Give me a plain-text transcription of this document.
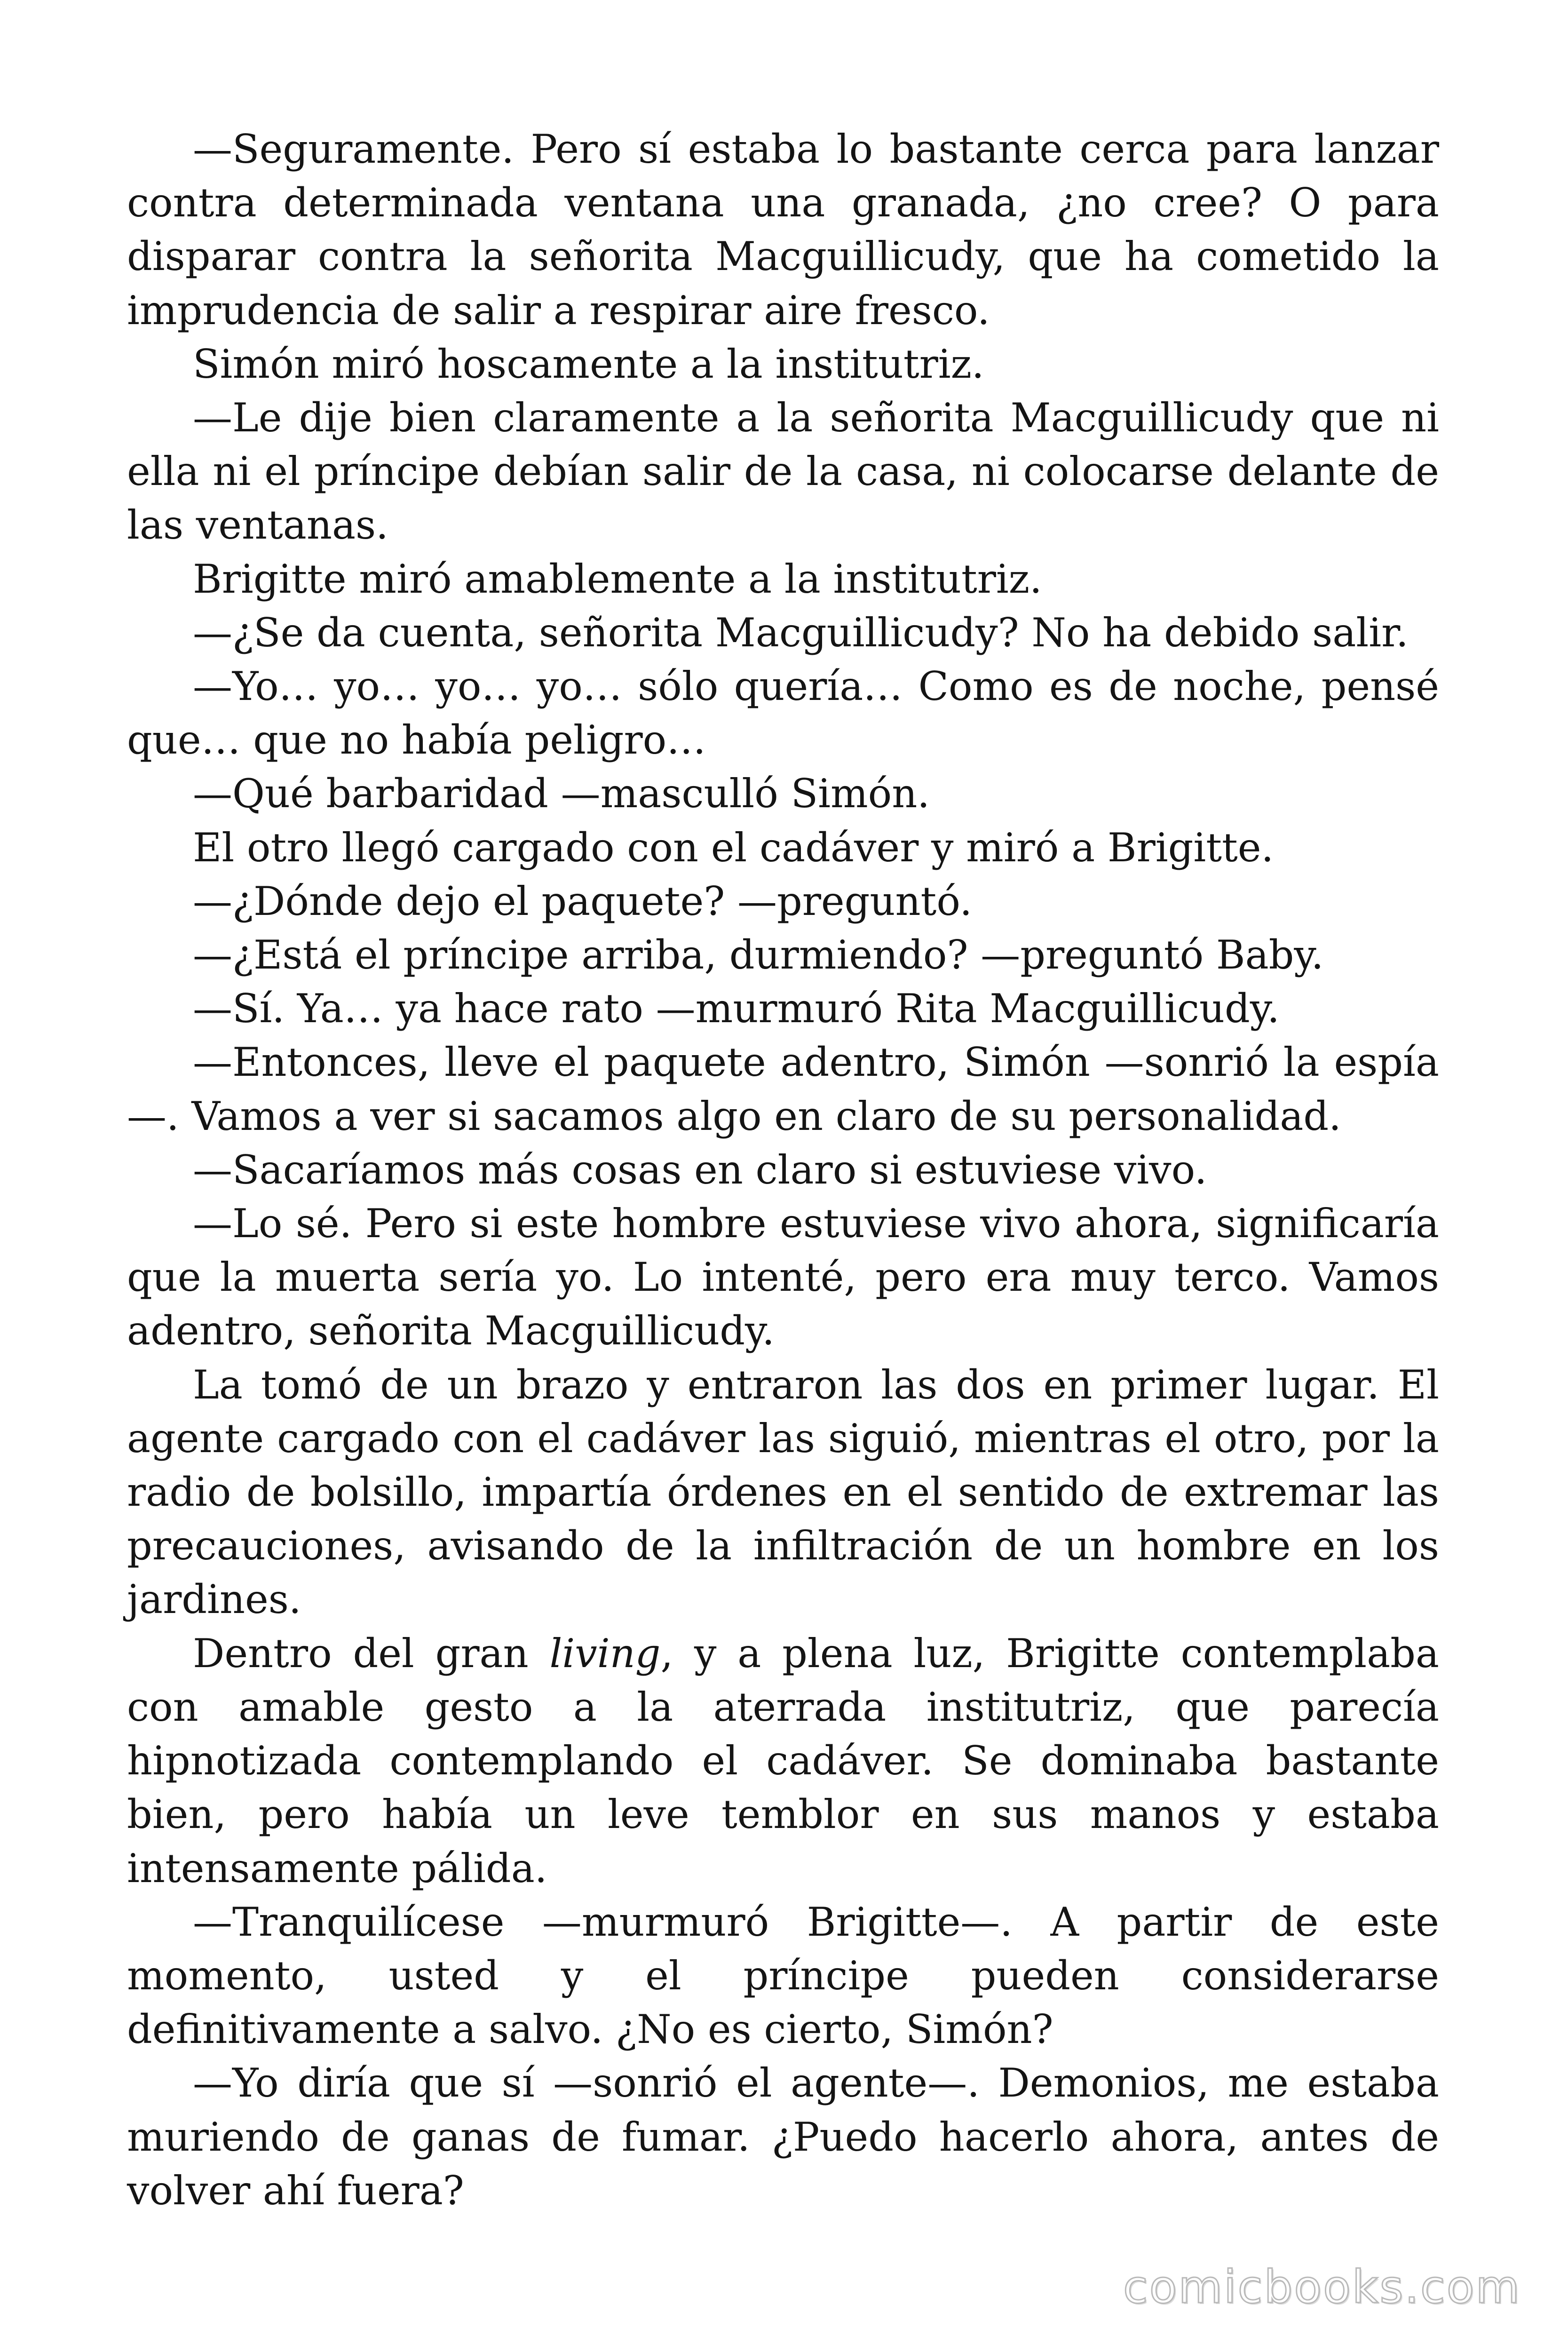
—Seguramente. Pero sí estaba lo bastante cerca para lanzar contra determinada ventana una granada, ¿no cree? O para disparar contra la señorita Macguillicudy, que ha cometido la imprudencia de salir a respirar aire fresco.

Simón miró hoscamente a la institutriz.

—Le dije bien claramente a la señorita Macguillicudy que ni ella ni el príncipe debían salir de la casa, ni colocarse delante de las ventanas.

Brigitte miró amablemente a la institutriz.

—¿Se da cuenta, señorita Macguillicudy? No ha debido salir.

—Yo… yo… yo… yo… sólo quería… Como es de noche, pensé que… que no había peligro…

—Qué barbaridad —masculló Simón.

El otro llegó cargado con el cadáver y miró a Brigitte.

—¿Dónde dejo el paquete? —preguntó.

—¿Está el príncipe arriba, durmiendo? —preguntó Baby.

—Sí. Ya… ya hace rato —murmuró Rita Macguillicudy.

—Entonces, lleve el paquete adentro, Simón —sonrió la espía—. Vamos a ver si sacamos algo en claro de su personalidad.

—Sacaríamos más cosas en claro si estuviese vivo.

—Lo sé. Pero si este hombre estuviese vivo ahora, significaría que la muerta sería yo. Lo intenté, pero era muy terco. Vamos adentro, señorita Macguillicudy.

La tomó de un brazo y entraron las dos en primer lugar. El agente cargado con el cadáver las siguió, mientras el otro, por la radio de bolsillo, impartía órdenes en el sentido de extremar las precauciones, avisando de la infiltración de un hombre en los jardines.

Dentro del gran living, y a plena luz, Brigitte contemplaba con amable gesto a la aterrada institutriz, que parecía hipnotizada contemplando el cadáver. Se dominaba bastante bien, pero había un leve temblor en sus manos y estaba intensamente pálida.

—Tranquilícese —murmuró Brigitte—. A partir de este momento, usted y el príncipe pueden considerarse definitivamente a salvo. ¿No es cierto, Simón?

—Yo diría que sí —sonrió el agente—. Demonios, me estaba muriendo de ganas de fumar. ¿Puedo hacerlo ahora, antes de volver ahí fuera?

comicbooks.com
